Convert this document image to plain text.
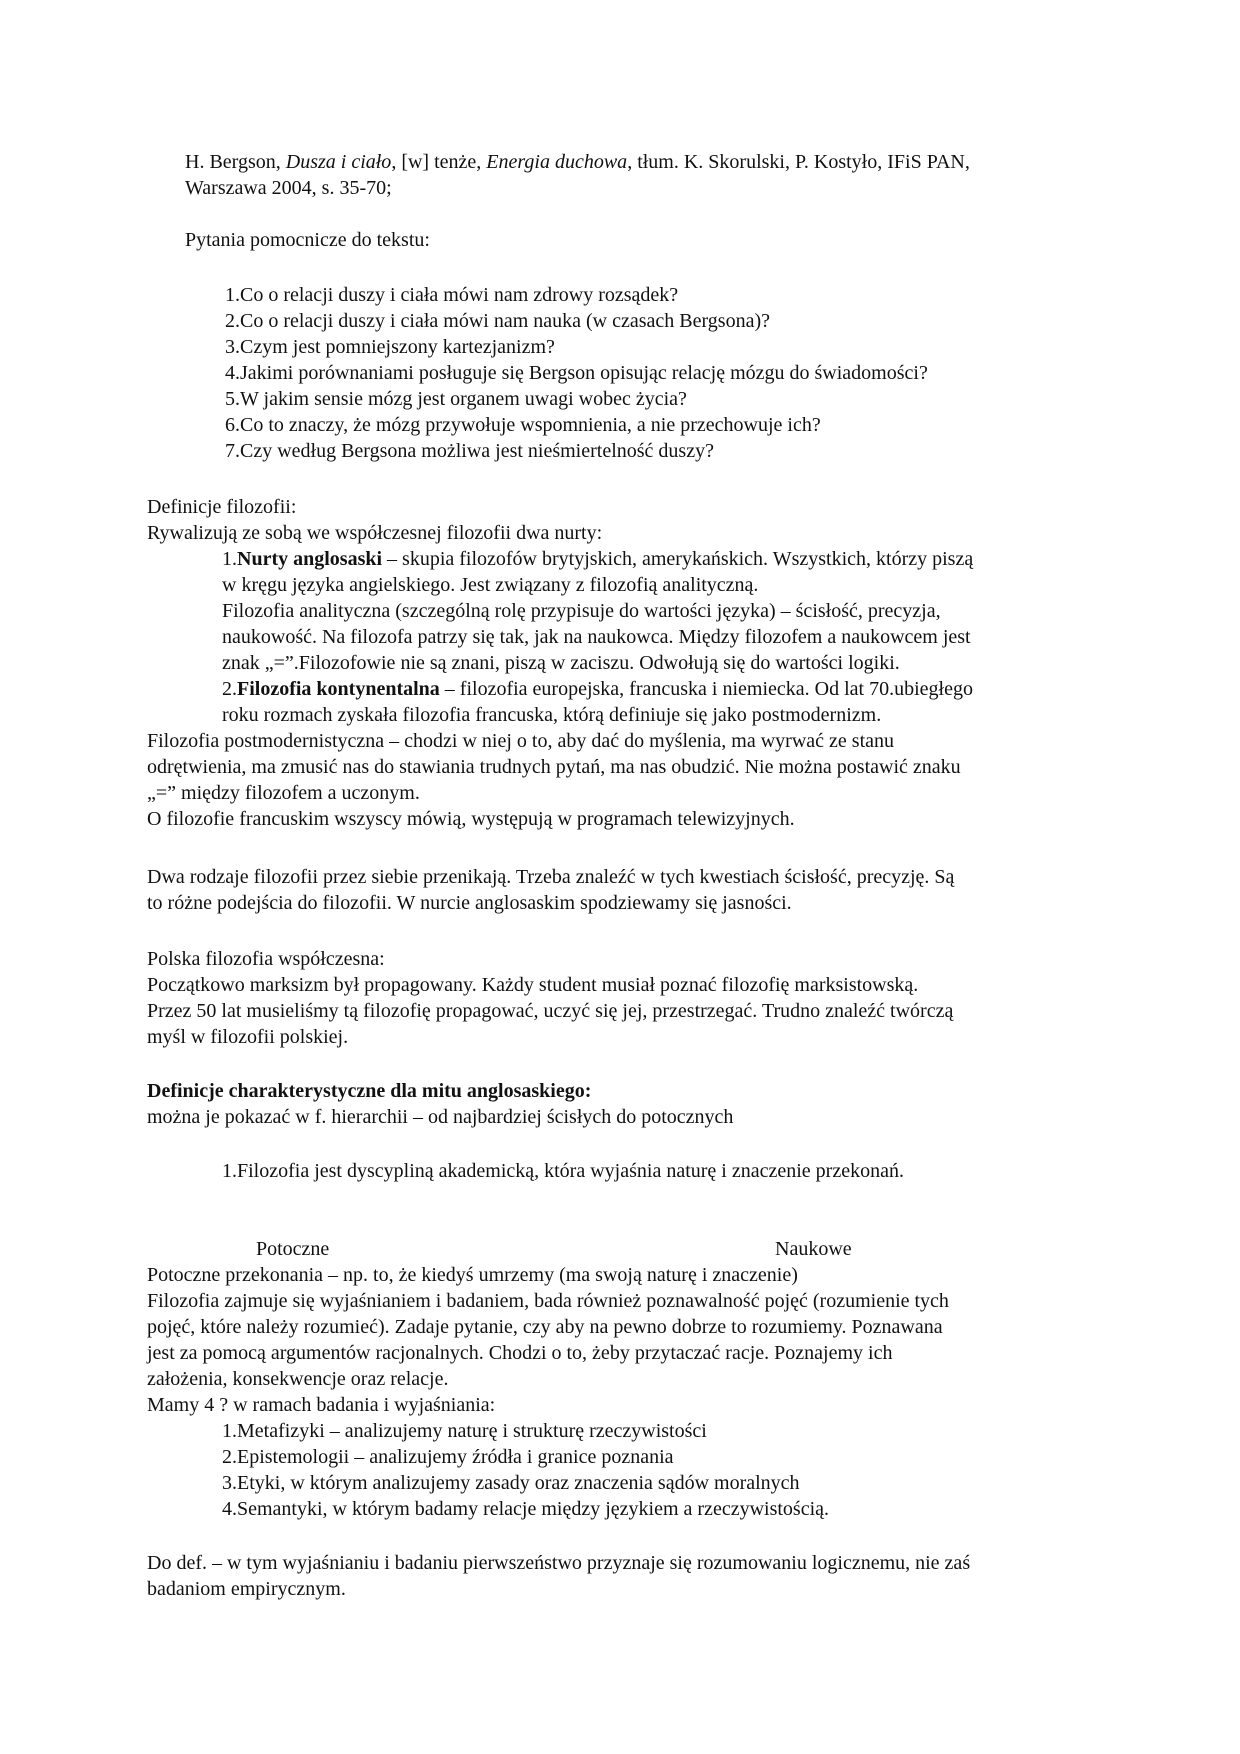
H. Bergson, Dusza i ciało, [w] tenże, Energia duchowa, tłum. K. Skorulski, P. Kostyło, IFiS PAN,
Warszawa 2004, s. 35-70;
Pytania pomocnicze do tekstu:
1.Co o relacji duszy i ciała mówi nam zdrowy rozsądek?
2.Co o relacji duszy i ciała mówi nam nauka (w czasach Bergsona)?
3.Czym jest pomniejszony kartezjanizm?
4.Jakimi porównaniami posługuje się Bergson opisując relację mózgu do świadomości?
5.W jakim sensie mózg jest organem uwagi wobec życia?
6.Co to znaczy, że mózg przywołuje wspomnienia, a nie przechowuje ich?
7.Czy według Bergsona możliwa jest nieśmiertelność duszy?
Definicje filozofii:
Rywalizują ze sobą we współczesnej filozofii dwa nurty:
1.Nurty anglosaski – skupia filozofów brytyjskich, amerykańskich. Wszystkich, którzy piszą
w kręgu języka angielskiego. Jest związany z filozofią analityczną.
Filozofia analityczna (szczególną rolę przypisuje do wartości języka) – ścisłość, precyzja,
naukowość. Na filozofa patrzy się tak, jak na naukowca. Między filozofem a naukowcem jest
znak „=”.Filozofowie nie są znani, piszą w zaciszu. Odwołują się do wartości logiki.
2.Filozofia kontynentalna – filozofia europejska, francuska i niemiecka. Od lat 70.ubiegłego
roku rozmach zyskała filozofia francuska, którą definiuje się jako postmodernizm.
Filozofia postmodernistyczna – chodzi w niej o to, aby dać do myślenia, ma wyrwać ze stanu
odrętwienia, ma zmusić nas do stawiania trudnych pytań, ma nas obudzić. Nie można postawić znaku
„=” między filozofem a uczonym.
O filozofie francuskim wszyscy mówią, występują w programach telewizyjnych.
Dwa rodzaje filozofii przez siebie przenikają. Trzeba znaleźć w tych kwestiach ścisłość, precyzję. Są
to różne podejścia do filozofii. W nurcie anglosaskim spodziewamy się jasności.
Polska filozofia współczesna:
Początkowo marksizm był propagowany. Każdy student musiał poznać filozofię marksistowską.
Przez 50 lat musieliśmy tą filozofię propagować, uczyć się jej, przestrzegać. Trudno znaleźć twórczą
myśl w filozofii polskiej.
Definicje charakterystyczne dla mitu anglosaskiego:
można je pokazać w f. hierarchii – od najbardziej ścisłych do potocznych
1.Filozofia jest dyscypliną akademicką, która wyjaśnia naturę i znaczenie przekonań.
Potoczne	Naukowe
Potoczne przekonania – np. to, że kiedyś umrzemy (ma swoją naturę i znaczenie)
Filozofia zajmuje się wyjaśnianiem i badaniem, bada również poznawalność pojęć (rozumienie tych
pojęć, które należy rozumieć). Zadaje pytanie, czy aby na pewno dobrze to rozumiemy. Poznawana
jest za pomocą argumentów racjonalnych. Chodzi o to, żeby przytaczać racje. Poznajemy ich
założenia, konsekwencje oraz relacje.
Mamy 4 ? w ramach badania i wyjaśniania:
1.Metafizyki – analizujemy naturę i strukturę rzeczywistości
2.Epistemologii – analizujemy źródła i granice poznania
3.Etyki, w którym analizujemy zasady oraz znaczenia sądów moralnych
4.Semantyki, w którym badamy relacje między językiem a rzeczywistością.
Do def. – w tym wyjaśnianiu i badaniu pierwszeństwo przyznaje się rozumowaniu logicznemu, nie zaś
badaniom empirycznym.
